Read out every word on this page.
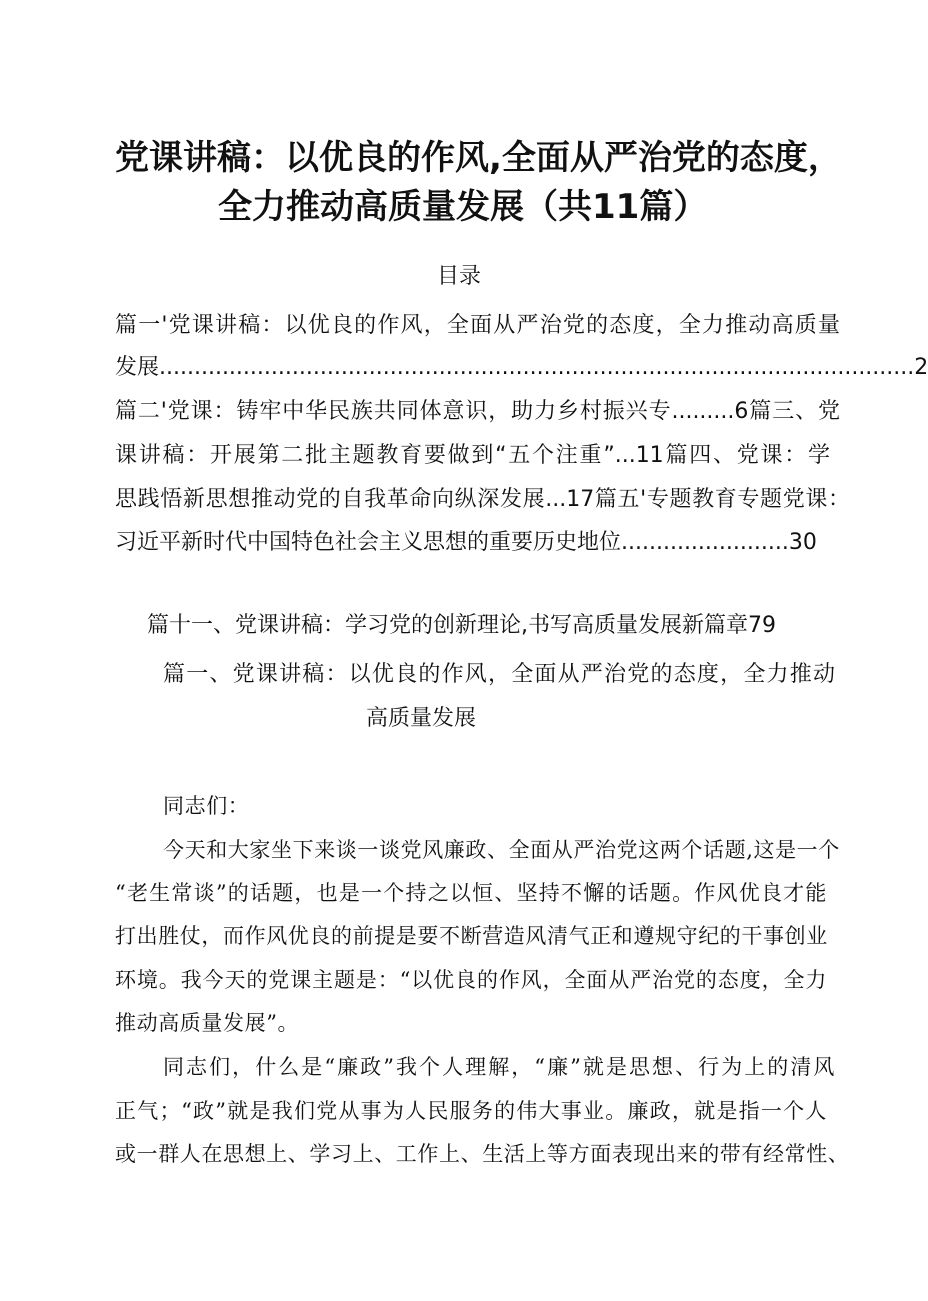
党课讲稿：以优良的作风,全面从严治党的态度，

全力推动高质量发展（共11篇）

目录

篇一'党课讲稿：以优良的作风，全面从严治党的态度，全力推动高质量

发展............................................................................................................2

篇二'党课：铸牢中华民族共同体意识，助力乡村振兴专.........6篇三、党

课讲稿：开展第二批主题教育要做到“五个注重”...11篇四、党课：学

思践悟新思想推动党的自我革命向纵深发展...17篇五'专题教育专题党课：

习近平新时代中国特色社会主义思想的重要历史地位........................30

篇十一、党课讲稿：学习党的创新理论,书写高质量发展新篇章79

篇一、党课讲稿：以优良的作风，全面从严治党的态度，全力推动

高质量发展

同志们：

今天和大家坐下来谈一谈党风廉政、全面从严治党这两个话题,这是一个

“老生常谈”的话题，也是一个持之以恒、坚持不懈的话题。作风优良才能

打出胜仗，而作风优良的前提是要不断营造风清气正和遵规守纪的干事创业

环境。我今天的党课主题是：“以优良的作风，全面从严治党的态度，全力

推动高质量发展”。

同志们，什么是“廉政”我个人理解，“廉”就是思想、行为上的清风

正气；“政”就是我们党从事为人民服务的伟大事业。廉政，就是指一个人

或一群人在思想上、学习上、工作上、生活上等方面表现出来的带有经常性、
